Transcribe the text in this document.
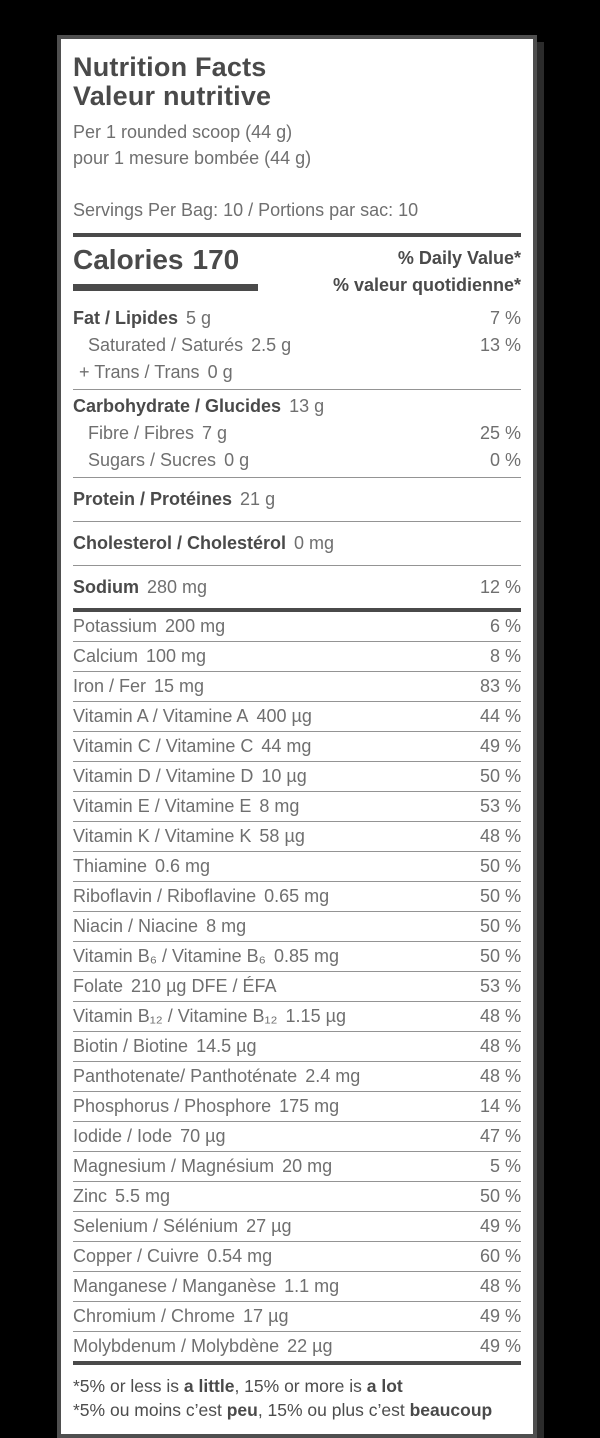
Nutrition Facts
Valeur nutritive

Per 1 rounded scoop (44 g)

pour 1 mesure bombée (44 g)

Servings Per Bag: 10 / Portions par sac: 10

Calories 170	% Daily Value*
% valeur quotidienne*
Fat / Lipides 5 g	7 %
Saturated / Saturés 2.5 g	13 %
+ Trans / Trans 0 g
Carbohydrate / Glucides 13 g
Fibre / Fibres 7 g	25 %
Sugars / Sucres 0 g	0 %
Protein / Protéines 21 g
Cholesterol / Cholestérol 0 mg
Sodium 280 mg	12 %
Potassium 200 mg	6 %
Calcium 100 mg	8 %
Iron / Fer 15 mg	83 %
Vitamin A / Vitamine A 400 µg	44 %
Vitamin C / Vitamine C 44 mg	49 %
Vitamin D / Vitamine D 10 µg	50 %
Vitamin E / Vitamine E 8 mg	53 %
Vitamin K / Vitamine K 58 µg	48 %
Thiamine 0.6 mg	50 %
Riboflavin / Riboflavine 0.65 mg	50 %
Niacin / Niacine 8 mg	50 %
Vitamin B₆ / Vitamine B₆ 0.85 mg	50 %
Folate 210 µg DFE / ÉFA	53 %
Vitamin B₁₂ / Vitamine B₁₂ 1.15 µg	48 %
Biotin / Biotine 14.5 µg	48 %
Panthotenate/ Panthoténate 2.4 mg	48 %
Phosphorus / Phosphore 175 mg	14 %
Iodide / Iode 70 µg	47 %
Magnesium / Magnésium 20 mg	5 %
Zinc 5.5 mg	50 %
Selenium / Sélénium 27 µg	49 %
Copper / Cuivre 0.54 mg	60 %
Manganese / Manganèse 1.1 mg	48 %
Chromium / Chrome 17 µg	49 %
Molybdenum / Molybdène 22 µg	49 %

*5% or less is a little, 15% or more is a lot

*5% ou moins c’est peu, 15% ou plus c’est beaucoup
